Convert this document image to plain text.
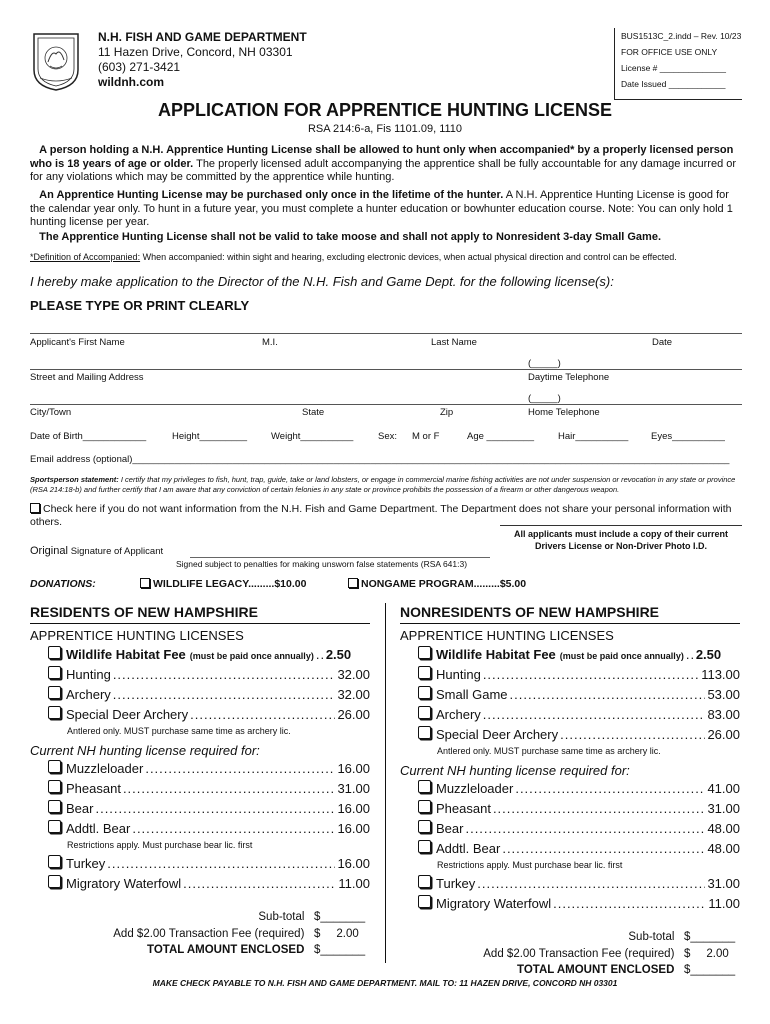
N.H. FISH AND GAME DEPARTMENT
11 Hazen Drive, Concord, NH 03301
(603) 271-3421
wildnh.com
BUS1513C_2.indd – Rev. 10/23
FOR OFFICE USE ONLY
License # ______________
Date Issued ____________
APPLICATION FOR APPRENTICE HUNTING LICENSE
RSA 214:6-a, Fis 1101.09, 1110
A person holding a N.H. Apprentice Hunting License shall be allowed to hunt only when accompanied* by a properly licensed person who is 18 years of age or older. The properly licensed adult accompanying the apprentice shall be fully accountable for any damage incurred or for any violations which may be committed by the apprentice while hunting.
An Apprentice Hunting License may be purchased only once in the lifetime of the hunter. A N.H. Apprentice Hunting License is good for the calendar year only. To hunt in a future year, you must complete a hunter education or bowhunter education course. Note: You can only hold 1 hunting license per year.
The Apprentice Hunting License shall not be valid to take moose and shall not apply to Nonresident 3-day Small Game.
*Definition of Accompanied: When accompanied: within sight and hearing, excluding electronic devices, when actual physical direction and control can be effected.
I hereby make application to the Director of the N.H. Fish and Game Dept. for the following license(s):
PLEASE TYPE OR PRINT CLEARLY
Applicant's First Name	M.I.	Last Name	Date
(_____)
Street and Mailing Address	Daytime Telephone
(_____)
City/Town	State	Zip	Home Telephone
Date of Birth____________	Height_________	Weight__________	Sex: M or F	Age _________	Hair__________ Eyes__________
Email address (optional)_________________________________________________________________________________________________________________
Sportsperson statement: I certify that my privileges to fish, hunt, trap, guide, take or land lobsters, or engage in commercial marine fishing activities are not under suspension or revocation in any state or province (RSA 214:18-b) and further certify that I am aware that any conviction of certain felonies in any state or province prohibits the possession of a firearm or other dangerous weapon.
Check here if you do not want information from the N.H. Fish and Game Department. The Department does not share your personal information with others.
All applicants must include a copy of their current Drivers License or Non-Driver Photo I.D.
Original Signature of Applicant
Signed subject to penalties for making unsworn false statements (RSA 641:3)
DONATIONS:	WILDLIFE LEGACY.........$10.00	NONGAME PROGRAM.........$5.00
RESIDENTS OF NEW HAMPSHIRE
APPRENTICE HUNTING LICENSES
Wildlife Habitat Fee (must be paid once annually) ..... 2.50
Hunting .....	32.00
Archery .....	32.00
Special Deer Archery .....	26.00
Antlered only. MUST purchase same time as archery lic.
Current NH hunting license required for:
Muzzleloader .....	16.00
Pheasant .....	31.00
Bear .....	16.00
Addtl. Bear .....	16.00
Restrictions apply. Must purchase bear lic. first
Turkey .....	16.00
Migratory Waterfowl .....	11.00
Sub-total $_______
Add $2.00 Transaction Fee (required) $     2.00
TOTAL AMOUNT ENCLOSED $_______
NONRESIDENTS OF NEW HAMPSHIRE
APPRENTICE HUNTING LICENSES
Wildlife Habitat Fee (must be paid once annually) ..... 2.50
Hunting .....	113.00
Small Game .....	53.00
Archery .....	83.00
Special Deer Archery .....	26.00
Antlered only. MUST purchase same time as archery lic.
Current NH hunting license required for:
Muzzleloader .....	41.00
Pheasant .....	31.00
Bear .....	48.00
Addtl. Bear .....	48.00
Restrictions apply. Must purchase bear lic. first
Turkey .....	31.00
Migratory Waterfowl .....	11.00
Sub-total $_______
Add $2.00 Transaction Fee (required) $     2.00
TOTAL AMOUNT ENCLOSED $_______
MAKE CHECK PAYABLE TO N.H. FISH AND GAME DEPARTMENT. MAIL TO: 11 HAZEN DRIVE, CONCORD NH 03301
